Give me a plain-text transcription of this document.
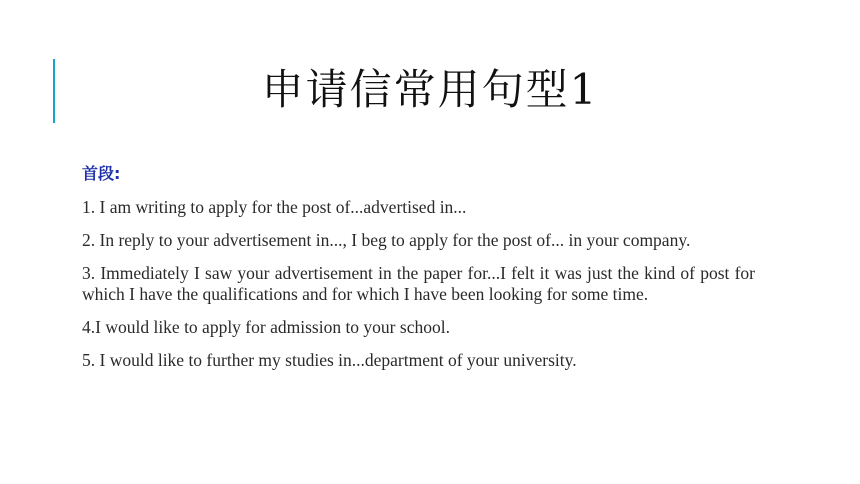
申请信常用句型1
首段:

1. I am writing to apply for the post of...advertised in...

2. In reply to your advertisement in..., I beg to apply for the post of... in your company.

3. Immediately I saw your advertisement in the paper for...I felt it was just the kind of post for which I have the qualifications and for which I have been looking for some time.

4.I would like to apply for admission to your school.

5. I would like to further my studies in...department of your university.
